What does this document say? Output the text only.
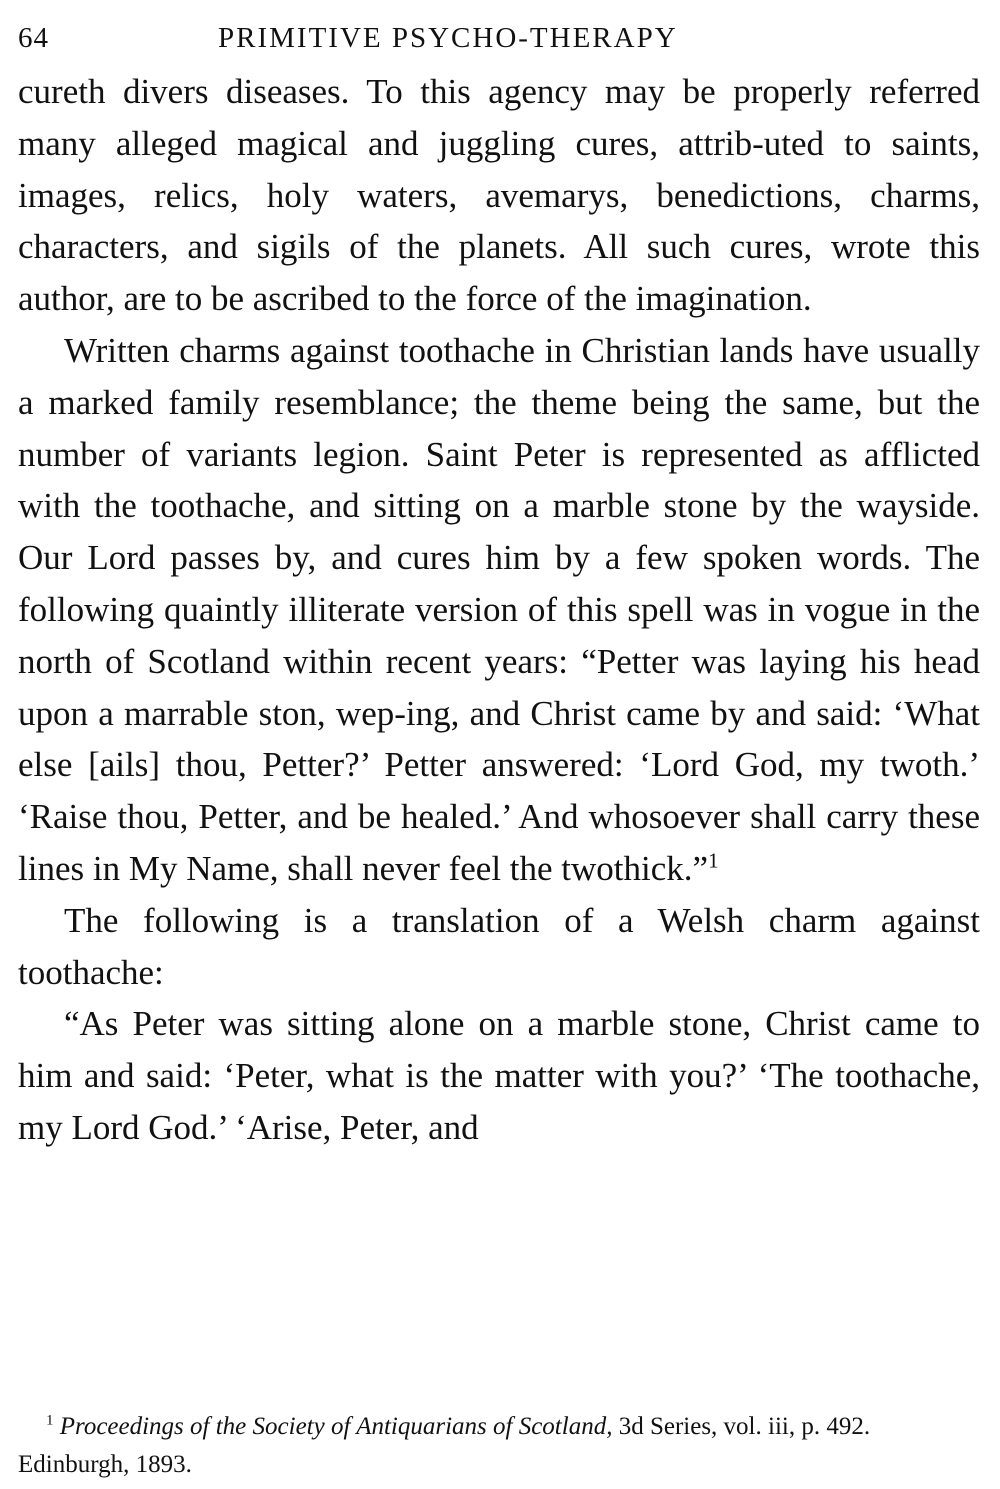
64	PRIMITIVE PSYCHO-THERAPY

cureth divers diseases. To this agency may be properly referred many alleged magical and juggling cures, attrib-uted to saints, images, relics, holy waters, avemarys, benedictions, charms, characters, and sigils of the planets. All such cures, wrote this author, are to be ascribed to the force of the imagination.

Written charms against toothache in Christian lands have usually a marked family resemblance; the theme being the same, but the number of variants legion. Saint Peter is represented as afflicted with the toothache, and sitting on a marble stone by the wayside. Our Lord passes by, and cures him by a few spoken words. The following quaintly illiterate version of this spell was in vogue in the north of Scotland within recent years: “Petter was laying his head upon a marrable ston, wep-ing, and Christ came by and said: ‘What else [ails] thou, Petter?’ Petter answered: ‘Lord God, my twoth.’ ‘Raise thou, Petter, and be healed.’ And whosoever shall carry these lines in My Name, shall never feel the twothick.”$^1$

The following is a translation of a Welsh charm against toothache:

“As Peter was sitting alone on a marble stone, Christ came to him and said: ‘Peter, what is the matter with you?’ ‘The toothache, my Lord God.’ ‘Arise, Peter, and

$^1$ Proceedings of the Society of Antiquarians of Scotland, 3d Series, vol. iii, p. 492. Edinburgh, 1893.
